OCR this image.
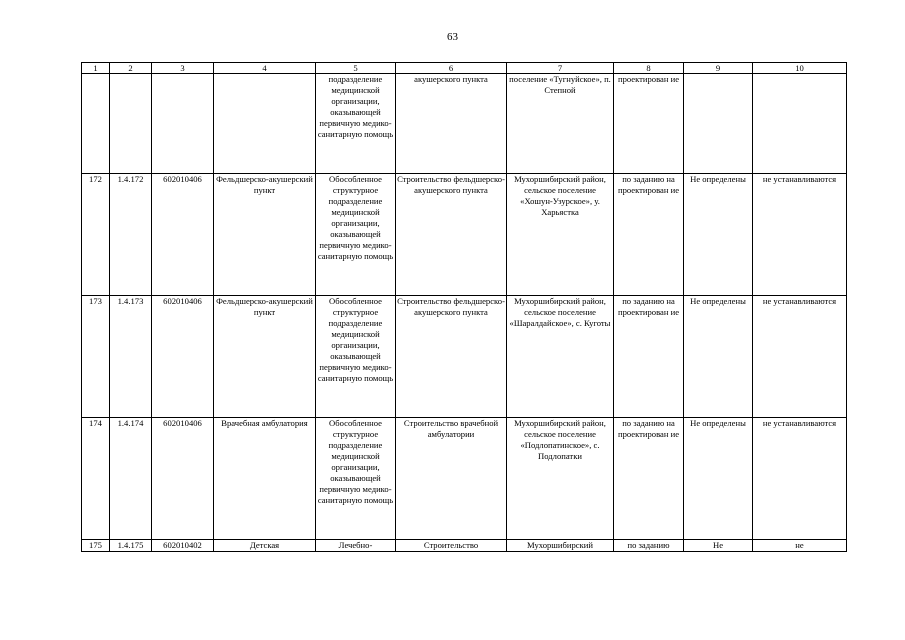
63
1	2	3	4	5	6	7	8	9	10
				подразделение медицинской организации, оказывающей первичную медико-санитарную помощь	акушерского пункта	поселение «Тугнуйское», п. Степной	проектирован ие		
172	1.4.172	602010406	Фельдшерско-акушерский пункт	Обособленное структурное подразделение медицинской организации, оказывающей первичную медико-санитарную помощь	Строительство фельдшерско-акушерского пункта	Мухоршибирский район, сельское поселение «Хошун-Узурское», у. Харьястка	по заданию на проектирован ие	Не определены	не устанавливаются
173	1.4.173	602010406	Фельдшерско-акушерский пункт	Обособленное структурное подразделение медицинской организации, оказывающей первичную медико-санитарную помощь	Строительство фельдшерско-акушерского пункта	Мухоршибирский район, сельское поселение «Шаралдайское», с. Куготы	по заданию на проектирован ие	Не определены	не устанавливаются
174	1.4.174	602010406	Врачебная амбулатория	Обособленное структурное подразделение медицинской организации, оказывающей первичную медико-санитарную помощь	Строительство врачебной амбулатории	Мухоршибирский район, сельское поселение «Подлопатинское», с. Подлопатки	по заданию на проектирован ие	Не определены	не устанавливаются
175	1.4.175	602010402	Детская	Лечебно-	Строительство	Мухоршибирский	по заданию	Не	не
